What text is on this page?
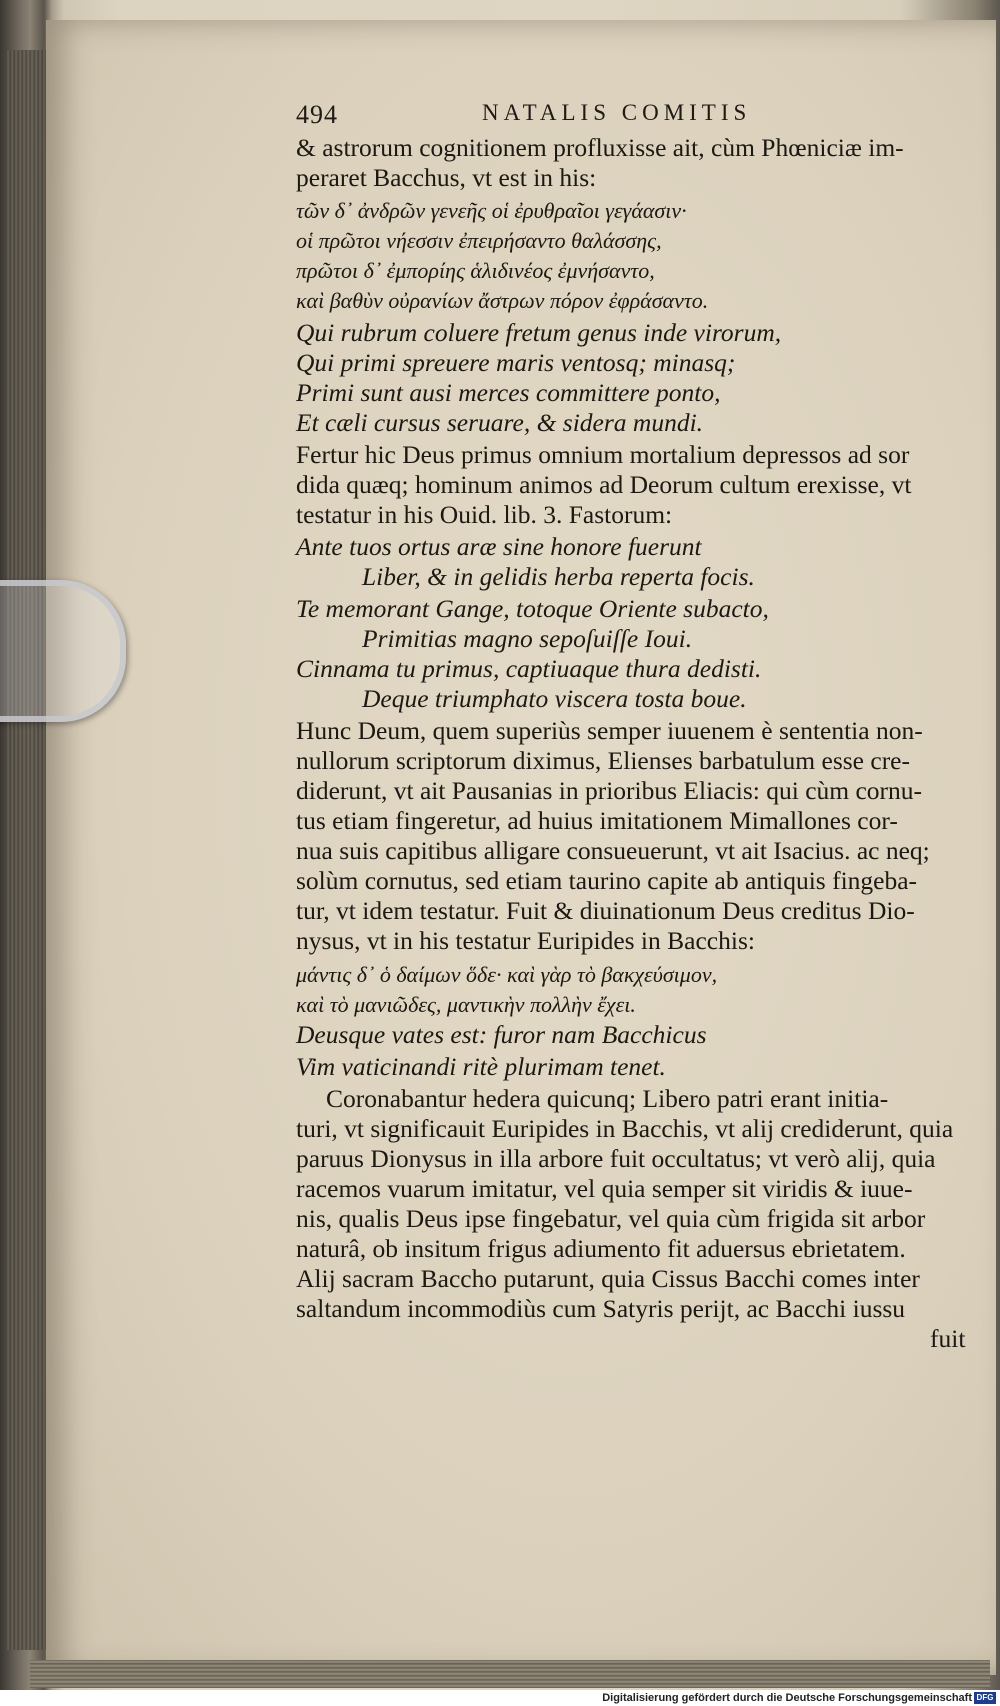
494	NATALIS COMITIS
& astrorum cognitionem profluxisse ait, cùm Phœniciæ im-
peraret Bacchus, vt est in his:
τῶν δ᾽ ἀνδρῶν γενεῆς οἱ ἐρυθραῖοι γεγάασιν·
οἱ πρῶτοι νήεσσιν ἐπειρήσαντο θαλάσσης,
πρῶτοι δ᾽ ἐμπορίης ἁλιδινέος ἐμνήσαντο,
καὶ βαθὺν οὐρανίων ἄστρων πόρον ἐφράσαντο.
Qui rubrum coluere fretum genus inde virorum,
Qui primi spreuere maris ventosq; minasq;
Primi sunt ausi merces committere ponto,
Et cæli cursus seruare, & sidera mundi.
Fertur hic Deus primus omnium mortalium depressos ad sor
dida quæq; hominum animos ad Deorum cultum erexisse, vt
testatur in his Ouid. lib. 3. Fastorum:
Ante tuos ortus aræ sine honore fuerunt
Liber, & in gelidis herba reperta focis.
Te memorant Gange, totoque Oriente subacto,
Primitias magno sepoſuiſſe Ioui.
Cinnama tu primus, captiuaque thura dedisti.
Deque triumphato viscera tosta boue.
Hunc Deum, quem superiùs semper iuuenem è sententia non-
nullorum scriptorum diximus, Elienses barbatulum esse cre-
diderunt, vt ait Pausanias in prioribus Eliacis: qui cùm cornu-
tus etiam fingeretur, ad huius imitationem Mimallones cor-
nua suis capitibus alligare consueuerunt, vt ait Isacius. ac neq;
solùm cornutus, sed etiam taurino capite ab antiquis fingeba-
tur, vt idem testatur. Fuit & diuinationum Deus creditus Dio-
nysus, vt in his testatur Euripides in Bacchis:
μάντις δ᾽ ὁ δαίμων ὅδε· καὶ γὰρ τὸ βακχεύσιμον,
καὶ τὸ μανιῶδες, μαντικὴν πολλὴν ἔχει.
Deusque vates est: furor nam Bacchicus
Vim vaticinandi ritè plurimam tenet.
Coronabantur hedera quicunq; Libero patri erant initia-
turi, vt significauit Euripides in Bacchis, vt alij crediderunt, quia
paruus Dionysus in illa arbore fuit occultatus; vt verò alij, quia
racemos vuarum imitatur, vel quia semper sit viridis & iuue-
nis, qualis Deus ipse fingebatur, vel quia cùm frigida sit arbor
naturâ, ob insitum frigus adiumento fit aduersus ebrietatem.
Alij sacram Baccho putarunt, quia Cissus Bacchi comes inter
saltandum incommodiùs cum Satyris perijt, ac Bacchi iussu
fuit
Digitalisierung gefördert durch die Deutsche Forschungsgemeinschaft DFG
